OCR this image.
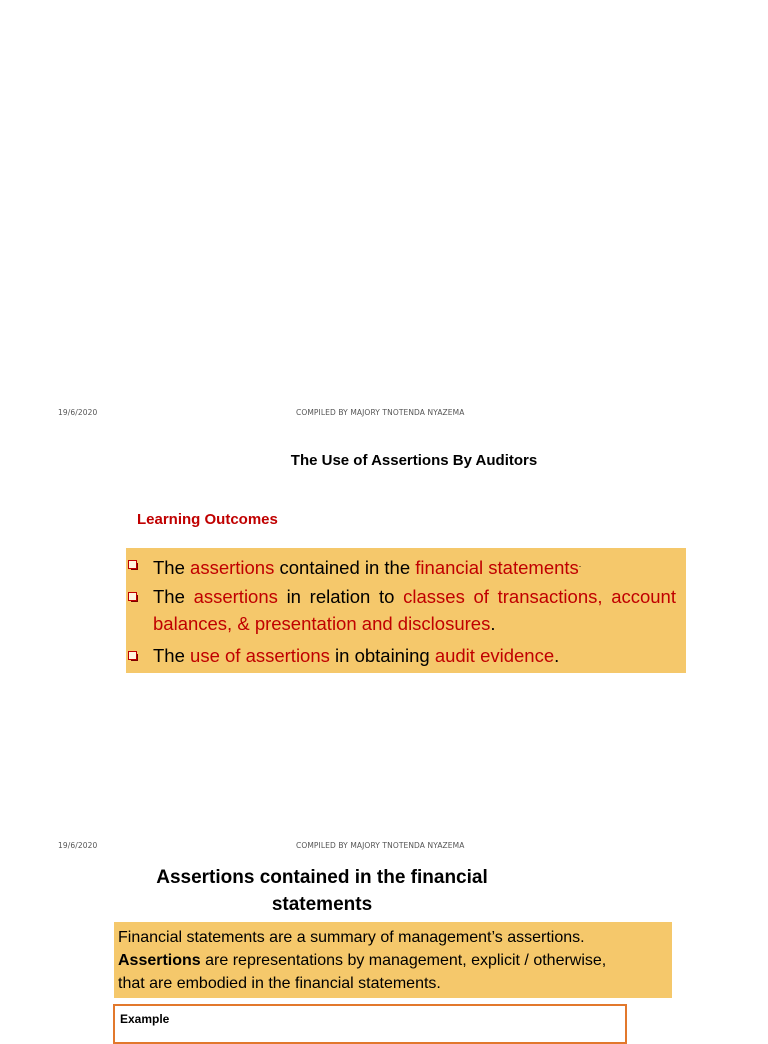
19/6/2020	COMPILED BY MAJORY TNOTENDA NYAZEMA
The Use of Assertions By Auditors
Learning Outcomes
The assertions contained in the financial statements.
The assertions in relation to classes of transactions, account balances, & presentation and disclosures.
The use of assertions in obtaining audit evidence.
19/6/2020	COMPILED BY MAJORY TNOTENDA NYAZEMA
Assertions contained in the financial
statements
Financial statements are a summary of management’s assertions.
Assertions are representations by management, explicit / otherwise,
that are embodied in the financial statements.
Example
